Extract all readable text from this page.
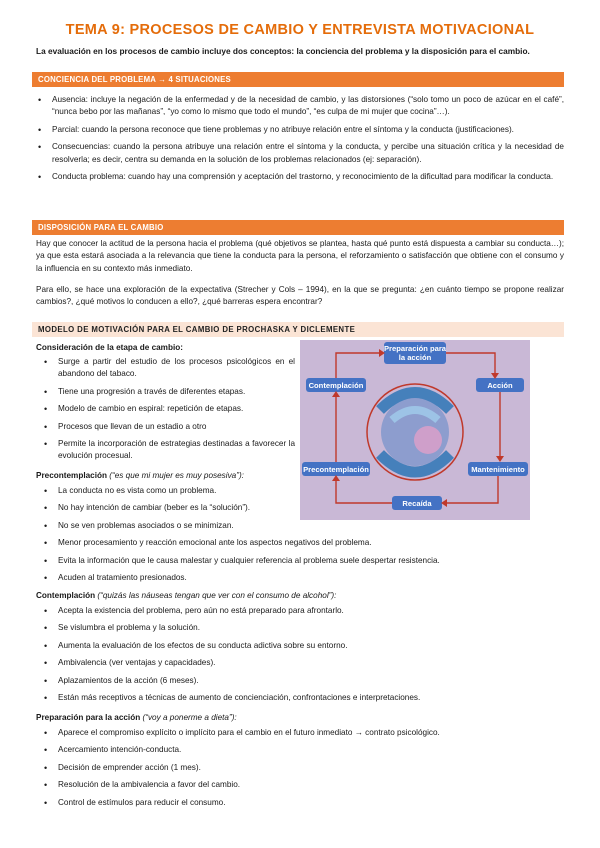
TEMA 9: PROCESOS DE CAMBIO Y ENTREVISTA MOTIVACIONAL
La evaluación en los procesos de cambio incluye dos conceptos: la conciencia del problema y la disposición para el cambio.
CONCIENCIA DEL PROBLEMA → 4 SITUACIONES
• Ausencia: incluye la negación de la enfermedad y de la necesidad de cambio, y las distorsiones (“solo tomo un poco de azúcar en el café”, “nunca bebo por las mañanas”, “yo como lo mismo que todo el mundo”, “es culpa de mi mujer que cocina”…).
• Parcial: cuando la persona reconoce que tiene problemas y no atribuye relación entre el síntoma y la conducta (justificaciones).
• Consecuencias: cuando la persona atribuye una relación entre el síntoma y la conducta, y percibe una situación crítica y la necesidad de resolverla; es decir, centra su demanda en la solución de los problemas relacionados (ej: separación).
• Conducta problema: cuando hay una comprensión y aceptación del trastorno, y reconocimiento de la dificultad para modificar la conducta.
DISPOSICIÓN PARA EL CAMBIO
Hay que conocer la actitud de la persona hacia el problema (qué objetivos se plantea, hasta qué punto está dispuesta a cambiar su conducta…); ya que esta estará asociada a la relevancia que tiene la conducta para la persona, el reforzamiento o satisfacción que obtiene con el consumo y la influencia en su contexto más inmediato.
Para ello, se hace una exploración de la expectativa (Strecher y Cols – 1994), en la que se pregunta: ¿en cuánto tiempo se propone realizar cambios?, ¿qué motivos lo conducen a ello?, ¿qué barreras espera encontrar?
MODELO DE MOTIVACIÓN PARA EL CAMBIO DE PROCHASKA Y DICLEMENTE
Consideración de la etapa de cambio:
• Surge a partir del estudio de los procesos psicológicos en el abandono del tabaco.
• Tiene una progresión a través de diferentes etapas.
• Modelo de cambio en espiral: repetición de etapas.
• Procesos que llevan de un estadio a otro
• Permite la incorporación de estrategias destinadas a favorecer la evolución procesual.
Preparación para la acción
Acción
Mantenimiento
Recaída
Precontemplación
Contemplación
Precontemplación (“es que mi mujer es muy posesiva”):
• La conducta no es vista como un problema.
• No hay intención de cambiar (beber es la “solución”).
• No se ven problemas asociados o se minimizan.
• Menor procesamiento y reacción emocional ante los aspectos negativos del problema.
• Evita la información que le causa malestar y cualquier referencia al problema suele despertar resistencia.
• Acuden al tratamiento presionados.
Contemplación (“quizás las náuseas tengan que ver con el consumo de alcohol”):
• Acepta la existencia del problema, pero aún no está preparado para afrontarlo.
• Se vislumbra el problema y la solución.
• Aumenta la evaluación de los efectos de su conducta adictiva sobre su entorno.
• Ambivalencia (ver ventajas y capacidades).
• Aplazamientos de la acción (6 meses).
• Están más receptivos a técnicas de aumento de concienciación, confrontaciones e interpretaciones.
Preparación para la acción (“voy a ponerme a dieta”):
• Aparece el compromiso explícito o implícito para el cambio en el futuro inmediato → contrato psicológico.
• Acercamiento intención-conducta.
• Decisión de emprender acción (1 mes).
• Resolución de la ambivalencia a favor del cambio.
• Control de estímulos para reducir el consumo.
